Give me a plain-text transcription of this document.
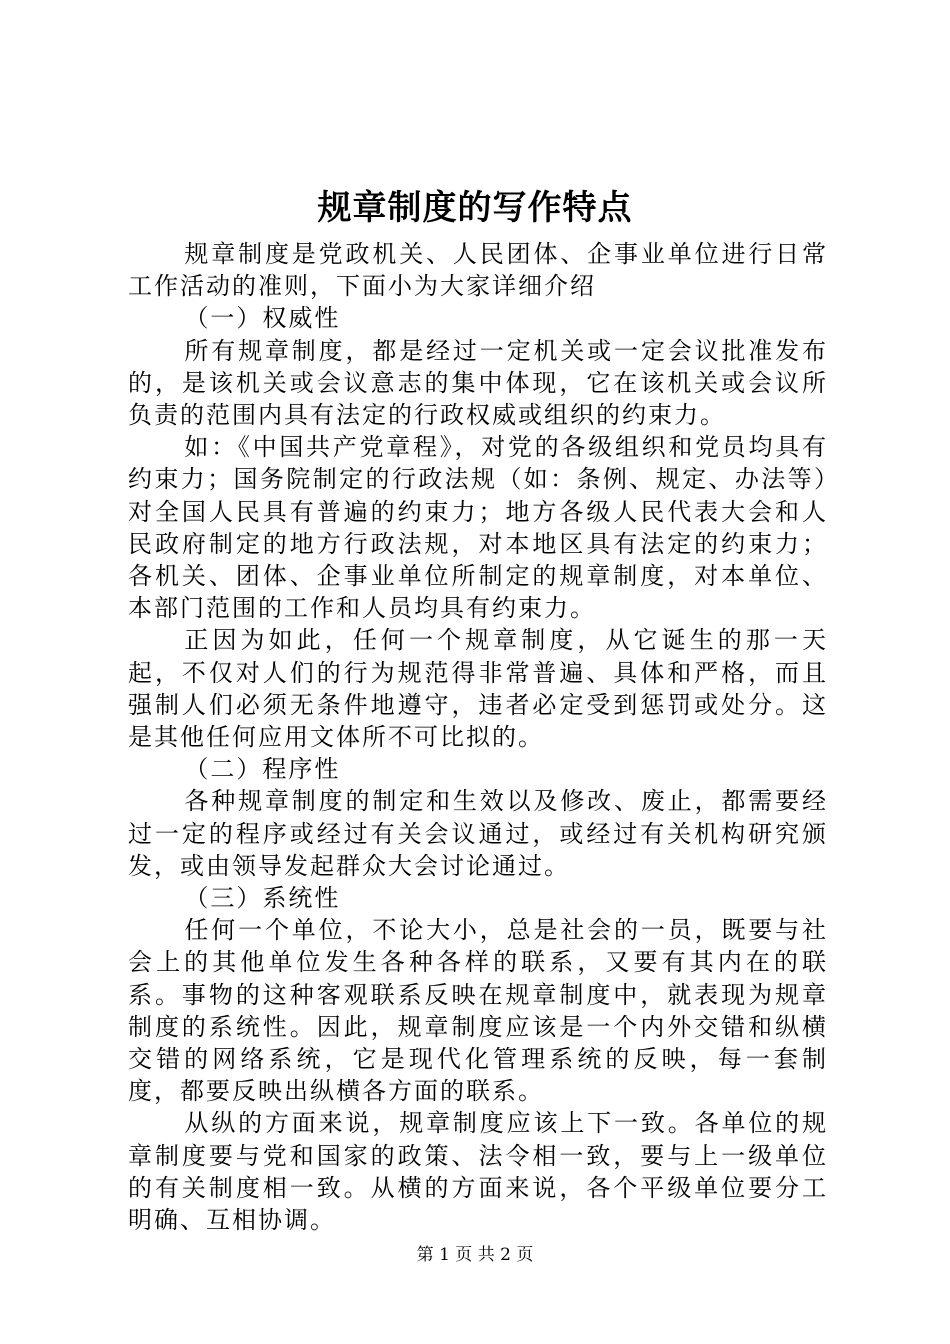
规章制度的写作特点

规章制度是党政机关、人民团体、企事业单位进行日常工作活动的准则，下面小为大家详细介绍

（一）权威性

所有规章制度，都是经过一定机关或一定会议批准发布的，是该机关或会议意志的集中体现，它在该机关或会议所负责的范围内具有法定的行政权威或组织的约束力。

如：《中国共产党章程》，对党的各级组织和党员均具有约束力；国务院制定的行政法规（如：条例、规定、办法等）对全国人民具有普遍的约束力；地方各级人民代表大会和人民政府制定的地方行政法规，对本地区具有法定的约束力；各机关、团体、企事业单位所制定的规章制度，对本单位、本部门范围的工作和人员均具有约束力。

正因为如此，任何一个规章制度，从它诞生的那一天起，不仅对人们的行为规范得非常普遍、具体和严格，而且强制人们必须无条件地遵守，违者必定受到惩罚或处分。这是其他任何应用文体所不可比拟的。

（二）程序性

各种规章制度的制定和生效以及修改、废止，都需要经过一定的程序或经过有关会议通过，或经过有关机构研究颁发，或由领导发起群众大会讨论通过。

（三）系统性

任何一个单位，不论大小，总是社会的一员，既要与社会上的其他单位发生各种各样的联系，又要有其内在的联系。事物的这种客观联系反映在规章制度中，就表现为规章制度的系统性。因此，规章制度应该是一个内外交错和纵横交错的网络系统，它是现代化管理系统的反映，每一套制度，都要反映出纵横各方面的联系。

从纵的方面来说，规章制度应该上下一致。各单位的规章制度要与党和国家的政策、法令相一致，要与上一级单位的有关制度相一致。从横的方面来说，各个平级单位要分工明确、互相协调。

第 1 页 共 2 页
